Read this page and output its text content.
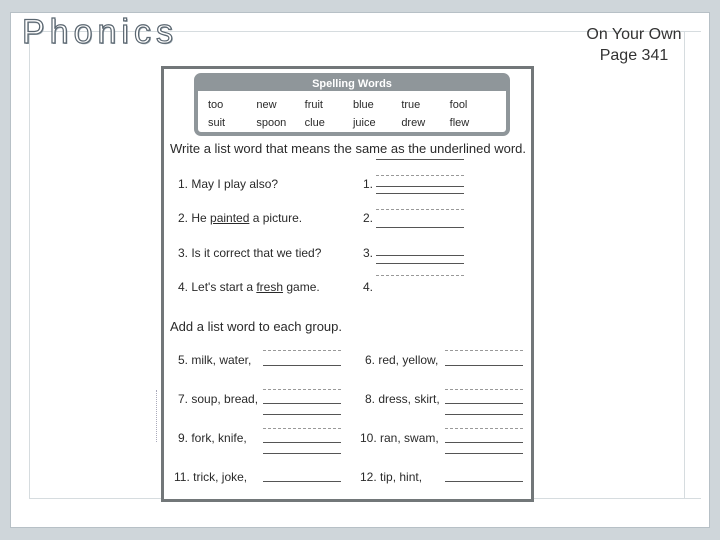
Phonics	On Your Own
Page 341
Spelling Words
too	new	fruit	blue	true	fool
suit	spoon	clue	juice	drew	flew
Write a list word that means the same as the underlined word.
1. May I play also?
2. He painted a picture.
3. Is it correct that we tied?
4. Let's start a fresh game.
1.
2.
3.
4.
Add a list word to each group.
5. milk, water,	6. red, yellow,
7. soup, bread,	8. dress, skirt,
9. fork, knife,	10. ran, swam,
11. trick, joke,	12. tip, hint,
